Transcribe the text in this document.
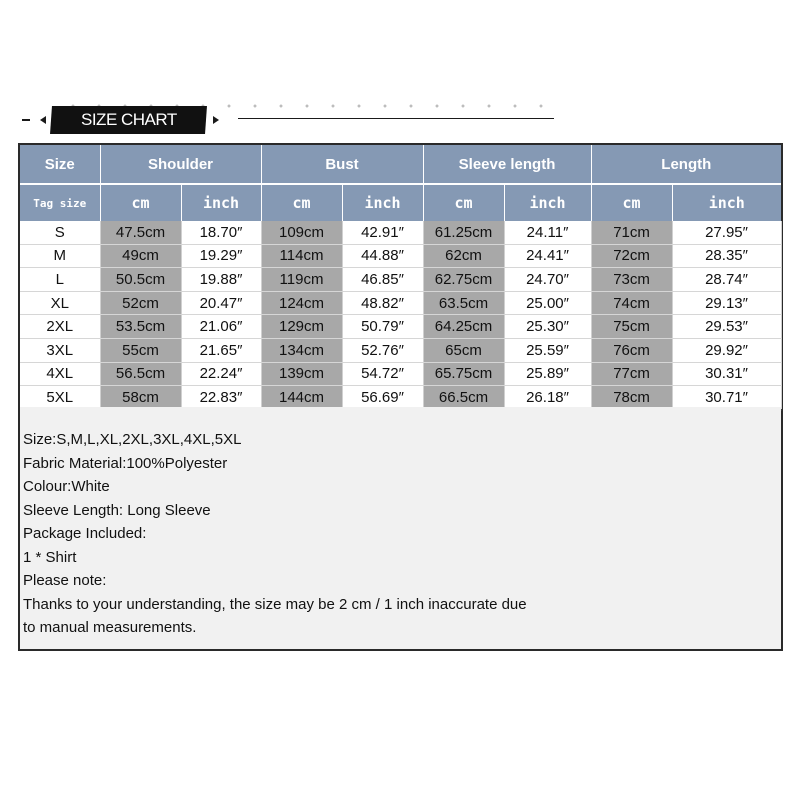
SIZE CHART
Size	Shoulder		Bust		Sleeve length		Length	
Tag size	cm	inch	cm	inch	cm	inch	cm	inch
S	47.5cm	18.70″	109cm	42.91″	61.25cm	24.11″	71cm	27.95″
M	49cm	19.29″	114cm	44.88″	62cm	24.41″	72cm	28.35″
L	50.5cm	19.88″	119cm	46.85″	62.75cm	24.70″	73cm	28.74″
XL	52cm	20.47″	124cm	48.82″	63.5cm	25.00″	74cm	29.13″
2XL	53.5cm	21.06″	129cm	50.79″	64.25cm	25.30″	75cm	29.53″
3XL	55cm	21.65″	134cm	52.76″	65cm	25.59″	76cm	29.92″
4XL	56.5cm	22.24″	139cm	54.72″	65.75cm	25.89″	77cm	30.31″
5XL	58cm	22.83″	144cm	56.69″	66.5cm	26.18″	78cm	30.71″
Size:S,M,L,XL,2XL,3XL,4XL,5XL
Fabric Material:100%Polyester
Colour:White
Sleeve Length: Long Sleeve
Package Included:
1 * Shirt
Please note:
Thanks to your understanding, the size may be 2 cm / 1 inch inaccurate due
to manual measurements.
